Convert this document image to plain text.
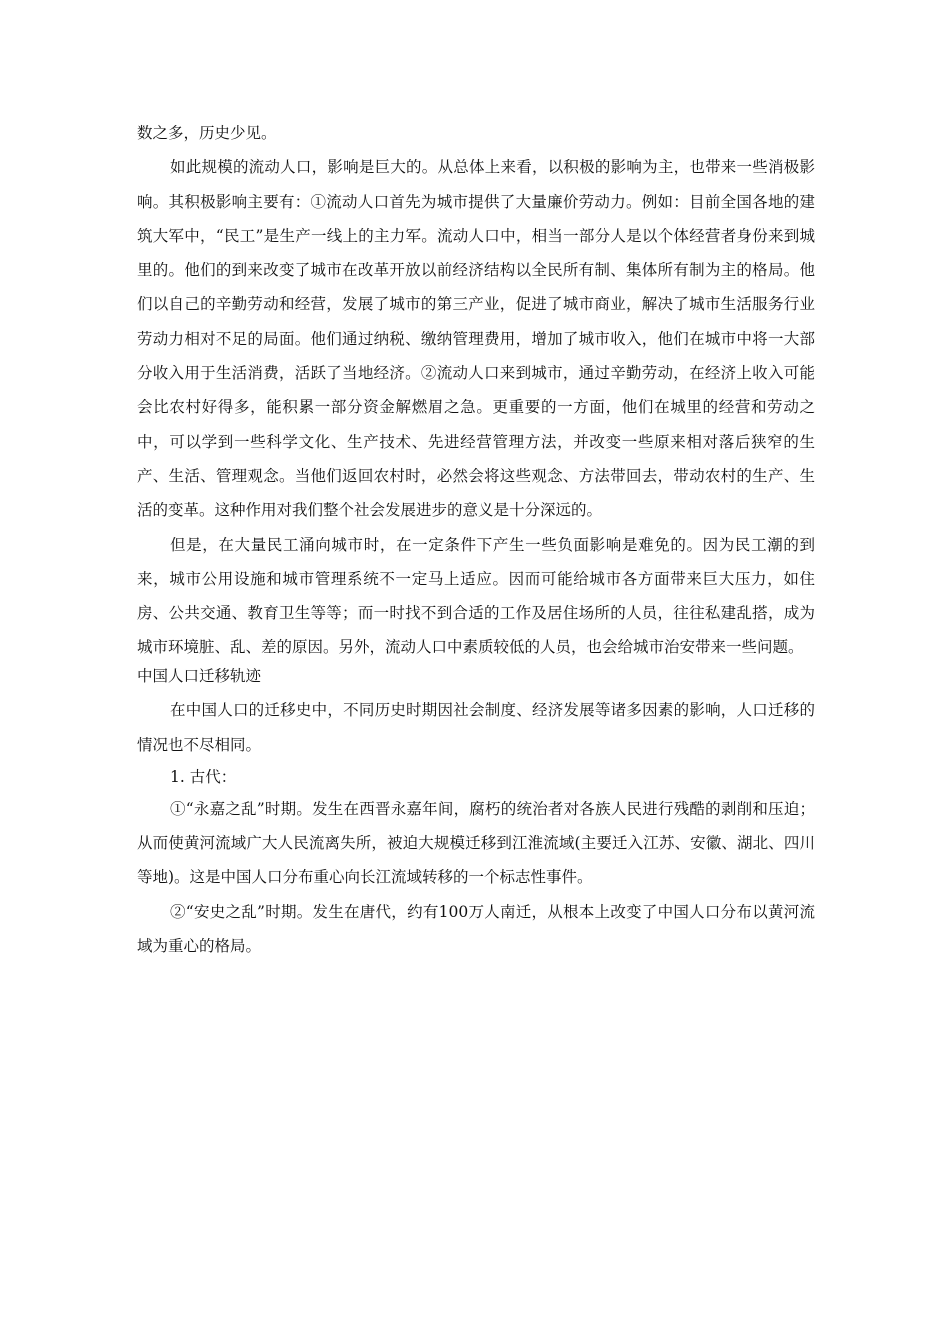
数之多，历史少见。

如此规模的流动人口，影响是巨大的。从总体上来看，以积极的影响为主，也带来一些消极影响。其积极影响主要有：①流动人口首先为城市提供了大量廉价劳动力。例如：目前全国各地的建筑大军中，“民工”是生产一线上的主力军。流动人口中，相当一部分人是以个体经营者身份来到城里的。他们的到来改变了城市在改革开放以前经济结构以全民所有制、集体所有制为主的格局。他们以自己的辛勤劳动和经营，发展了城市的第三产业，促进了城市商业，解决了城市生活服务行业劳动力相对不足的局面。他们通过纳税、缴纳管理费用，增加了城市收入，他们在城市中将一大部分收入用于生活消费，活跃了当地经济。②流动人口来到城市，通过辛勤劳动，在经济上收入可能会比农村好得多，能积累一部分资金解燃眉之急。更重要的一方面，他们在城里的经营和劳动之中，可以学到一些科学文化、生产技术、先进经营管理方法，并改变一些原来相对落后狭窄的生产、生活、管理观念。当他们返回农村时，必然会将这些观念、方法带回去，带动农村的生产、生活的变革。这种作用对我们整个社会发展进步的意义是十分深远的。

但是，在大量民工涌向城市时，在一定条件下产生一些负面影响是难免的。因为民工潮的到来，城市公用设施和城市管理系统不一定马上适应。因而可能给城市各方面带来巨大压力，如住房、公共交通、教育卫生等等；而一时找不到合适的工作及居住场所的人员，往往私建乱搭，成为城市环境脏、乱、差的原因。另外，流动人口中素质较低的人员，也会给城市治安带来一些问题。

中国人口迁移轨迹

在中国人口的迁移史中，不同历史时期因社会制度、经济发展等诸多因素的影响，人口迁移的情况也不尽相同。

1. 古代：

①“永嘉之乱”时期。发生在西晋永嘉年间，腐朽的统治者对各族人民进行残酷的剥削和压迫；从而使黄河流域广大人民流离失所，被迫大规模迁移到江淮流域(主要迁入江苏、安徽、湖北、四川等地)。这是中国人口分布重心向长江流域转移的一个标志性事件。

②“安史之乱”时期。发生在唐代，约有100万人南迁，从根本上改变了中国人口分布以黄河流域为重心的格局。
